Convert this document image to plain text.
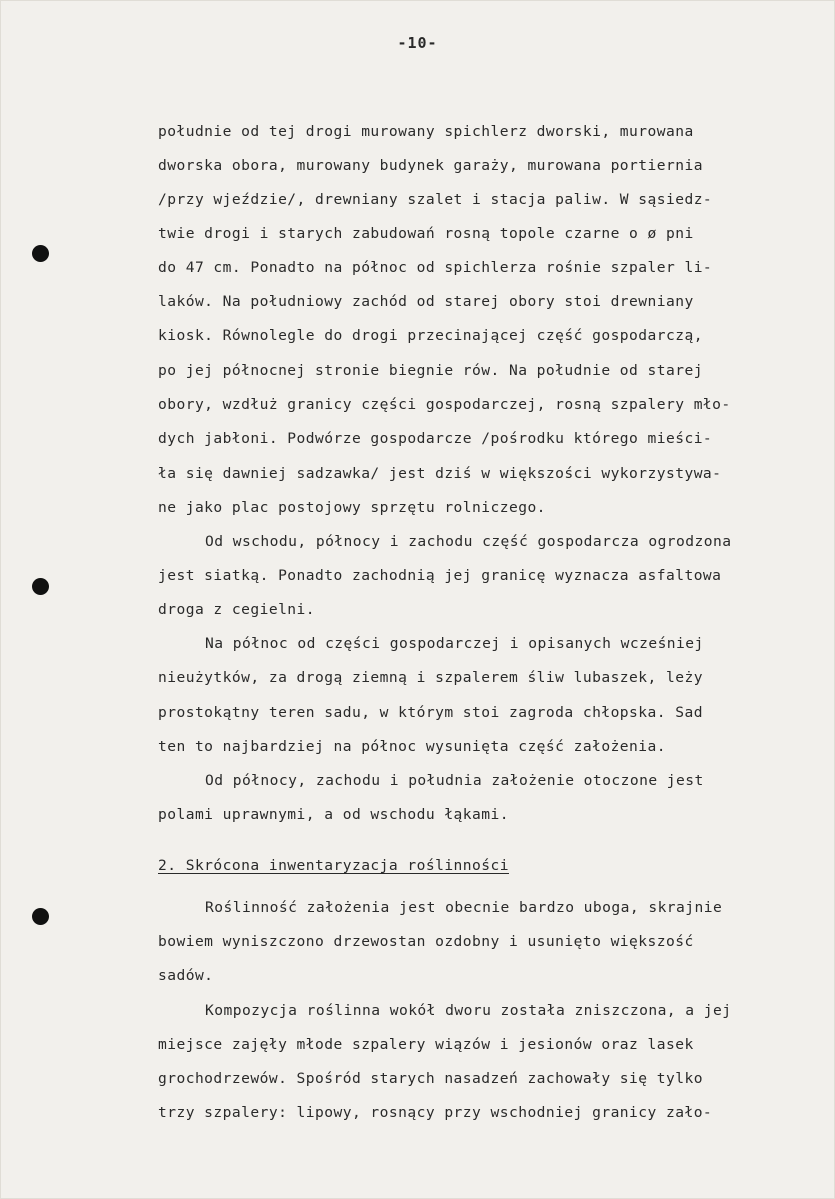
-10-
południe od tej drogi murowany spichlerz dworski, murowana
dworska obora, murowany budynek garaży, murowana portiernia
/przy wjeździe/, drewniany szalet i stacja paliw. W sąsiedz-
twie drogi i starych zabudowań rosną topole czarne o ø pni
do 47 cm. Ponadto na północ od spichlerza rośnie szpaler li-
laków. Na południowy zachód od starej obory stoi drewniany
kiosk. Równolegle do drogi przecinającej część gospodarczą,
po jej północnej stronie biegnie rów. Na południe od starej
obory, wzdłuż granicy części gospodarczej, rosną szpalery mło-
dych jabłoni. Podwórze gospodarcze /pośrodku którego mieści-
ła się dawniej sadzawka/ jest dziś w większości wykorzystywa-
ne jako plac postojowy sprzętu rolniczego.
Od wschodu, północy i zachodu część gospodarcza ogrodzona
jest siatką. Ponadto zachodnią jej granicę wyznacza asfaltowa
droga z cegielni.
Na północ od części gospodarczej i opisanych wcześniej
nieużytków, za drogą ziemną i szpalerem śliw lubaszek, leży
prostokątny teren sadu, w którym stoi zagroda chłopska. Sad
ten to najbardziej na północ wysunięta część założenia.
Od północy, zachodu i południa założenie otoczone jest
polami uprawnymi, a od wschodu łąkami.
2. Skrócona inwentaryzacja roślinności
Roślinność założenia jest obecnie bardzo uboga, skrajnie
bowiem wyniszczono drzewostan ozdobny i usunięto większość
sadów.
Kompozycja roślinna wokół dworu została zniszczona, a jej
miejsce zajęły młode szpalery wiązów i jesionów oraz lasek
grochodrzewów. Spośród starych nasadzeń zachowały się tylko
trzy szpalery: lipowy, rosnący przy wschodniej granicy zało-
